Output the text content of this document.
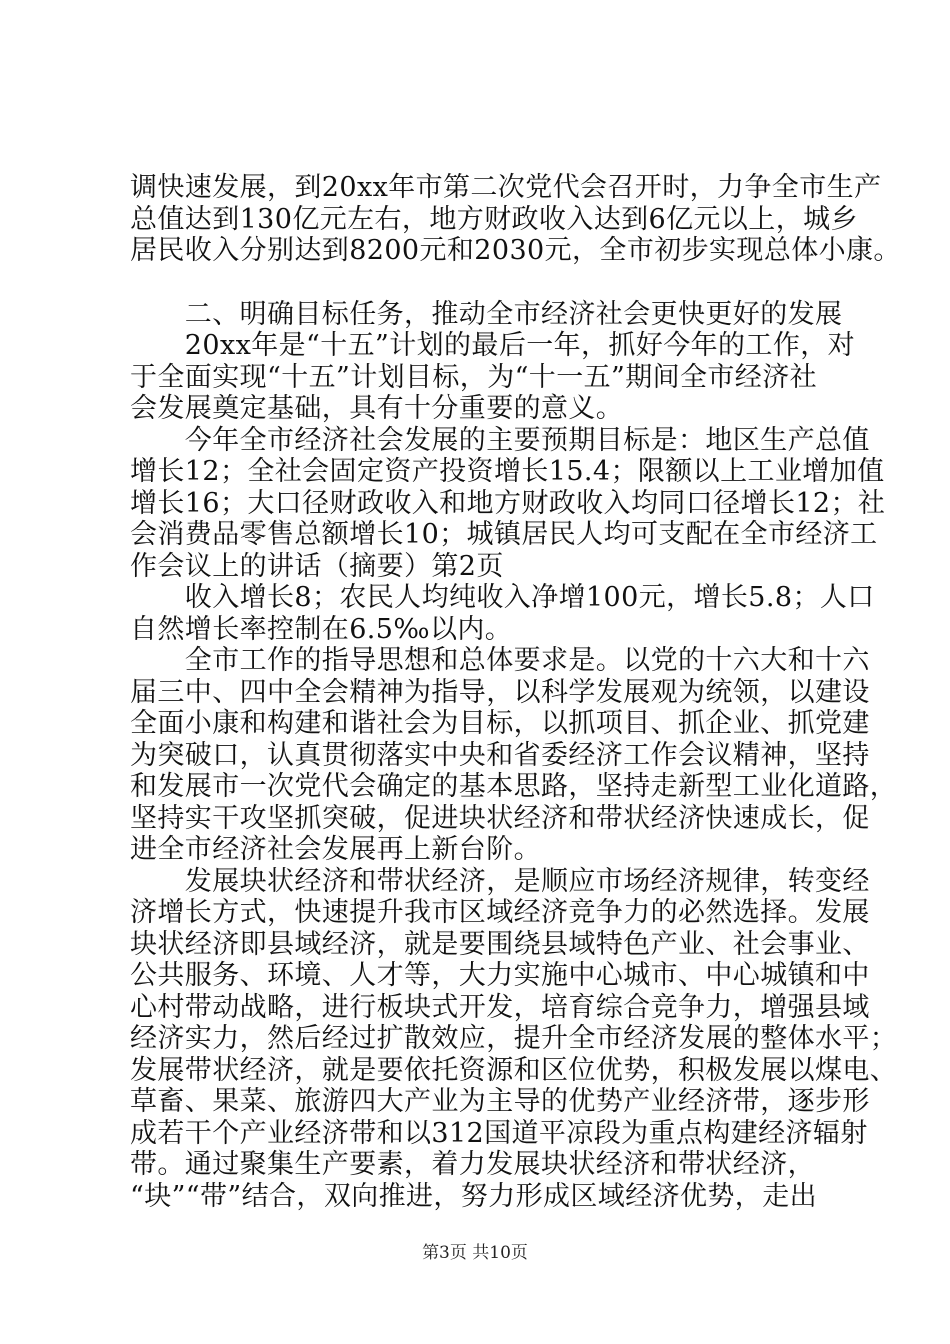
调快速发展，到20xx年市第二次党代会召开时，力争全市生产
总值达到130亿元左右，地方财政收入达到6亿元以上，城乡
居民收入分别达到8200元和2030元，全市初步实现总体小康。
　　二、明确目标任务，推动全市经济社会更快更好的发展
　　20xx年是“十五”计划的最后一年，抓好今年的工作，对
于全面实现“十五”计划目标，为“十一五”期间全市经济社
会发展奠定基础，具有十分重要的意义。
　　今年全市经济社会发展的主要预期目标是：地区生产总值
增长12；全社会固定资产投资增长15.4；限额以上工业增加值
增长16；大口径财政收入和地方财政收入均同口径增长12；社
会消费品零售总额增长10；城镇居民人均可支配在全市经济工
作会议上的讲话（摘要）第2页
　　收入增长8；农民人均纯收入净增100元，增长5.8；人口
自然增长率控制在6.5‰以内。
　　全市工作的指导思想和总体要求是。以党的十六大和十六
届三中、四中全会精神为指导，以科学发展观为统领，以建设
全面小康和构建和谐社会为目标，以抓项目、抓企业、抓党建
为突破口，认真贯彻落实中央和省委经济工作会议精神，坚持
和发展市一次党代会确定的基本思路，坚持走新型工业化道路，
坚持实干攻坚抓突破，促进块状经济和带状经济快速成长，促
进全市经济社会发展再上新台阶。
　　发展块状经济和带状经济，是顺应市场经济规律，转变经
济增长方式，快速提升我市区域经济竞争力的必然选择。发展
块状经济即县域经济，就是要围绕县域特色产业、社会事业、
公共服务、环境、人才等，大力实施中心城市、中心城镇和中
心村带动战略，进行板块式开发，培育综合竞争力，增强县域
经济实力，然后经过扩散效应，提升全市经济发展的整体水平；
发展带状经济，就是要依托资源和区位优势，积极发展以煤电、
草畜、果菜、旅游四大产业为主导的优势产业经济带，逐步形
成若干个产业经济带和以312国道平凉段为重点构建经济辐射
带。通过聚集生产要素，着力发展块状经济和带状经济，
“块”“带”结合，双向推进，努力形成区域经济优势，走出
第3页 共10页
